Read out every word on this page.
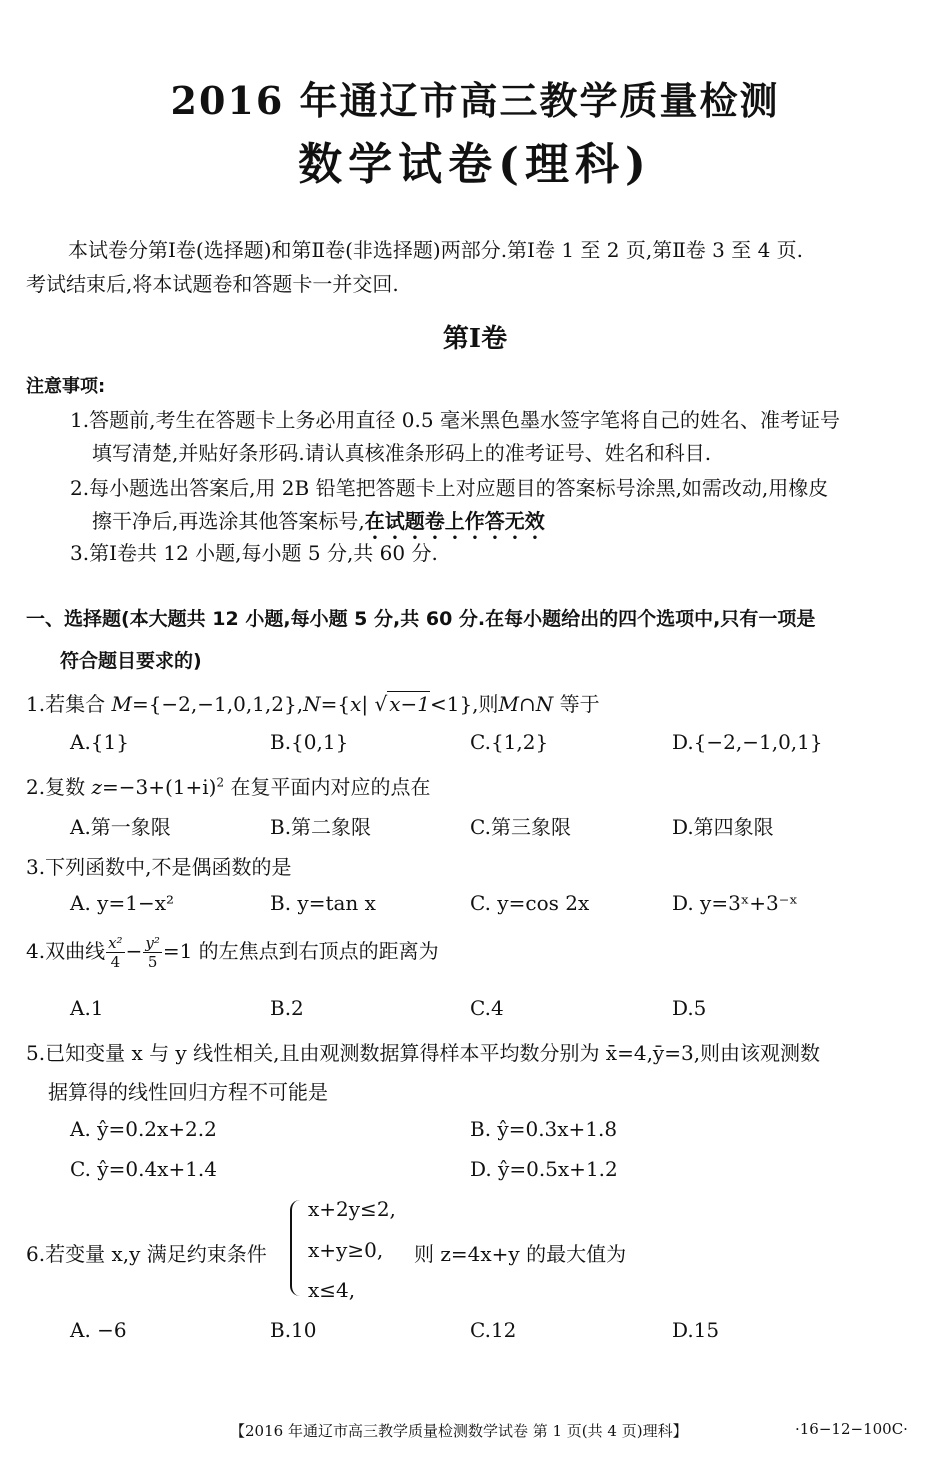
2016 年通辽市高三教学质量检测
数学试卷(理科)
本试卷分第Ⅰ卷(选择题)和第Ⅱ卷(非选择题)两部分.第Ⅰ卷 1 至 2 页,第Ⅱ卷 3 至 4 页.
考试结束后,将本试题卷和答题卡一并交回.
第Ⅰ卷
注意事项:
1.答题前,考生在答题卡上务必用直径 0.5 毫米黑色墨水签字笔将自己的姓名、准考证号
填写清楚,并贴好条形码.请认真核准条形码上的准考证号、姓名和科目.
2.每小题选出答案后,用 2B 铅笔把答题卡上对应题目的答案标号涂黑,如需改动,用橡皮
擦干净后,再选涂其他答案标号,在试题卷上作答无效
3.第Ⅰ卷共 12 小题,每小题 5 分,共 60 分.
一、选择题(本大题共 12 小题,每小题 5 分,共 60 分.在每小题给出的四个选项中,只有一项是
符合题目要求的)
1.若集合 M={−2,−1,0,1,2},N={x| √ x−1<1},则M∩N 等于
A.{1}	B.{0,1}	C.{1,2}	D.{−2,−1,0,1}
2.复数 $z=-3+(1+i)^2$ 在复平面内对应的点在
A.第一象限	B.第二象限	C.第三象限	D.第四象限
3.下列函数中,不是偶函数的是
A. y=1−x²	B. y=tan x	C. y=cos 2x	D. y=3ˣ+3⁻ˣ
4.双曲线 $\frac{\text{x²}}{4} - \frac{\text{y²}}{5} =1$ 的左焦点到右顶点的距离为
A.1	B.2	C.4	D.5
5.已知变量 x 与 y 线性相关,且由观测数据算得样本平均数分别为 x̄=4,ȳ=3,则由该观测数
据算得的线性回归方程不可能是
A. ŷ=0.2x+2.2	B. ŷ=0.3x+1.8
C. ŷ=0.4x+1.4	D. ŷ=0.5x+1.2
6.若变量 x,y 满足约束条件
x+2y≤2,
x+y≥0, 则 z=4x+y 的最大值为
x≤4,
A. −6	B.10	C.12	D.15
【2016 年通辽市高三教学质量检测数学试卷 第 1 页(共 4 页)理科】	·16−12−100C·
